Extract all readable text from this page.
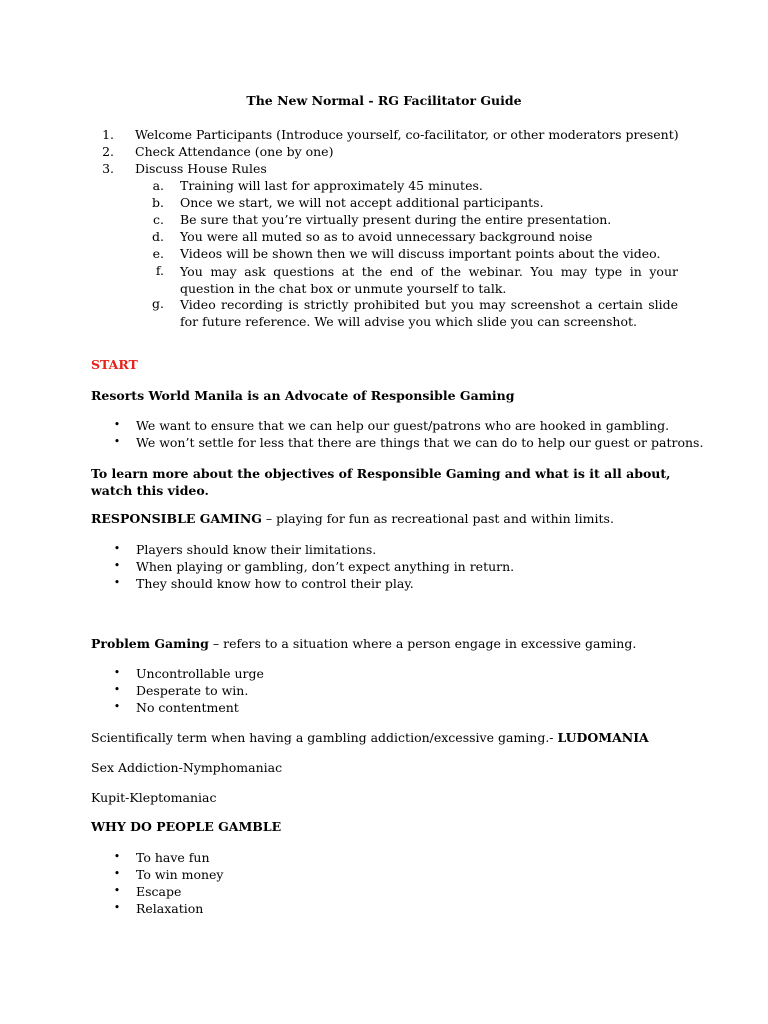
The New Normal - RG Facilitator Guide
1. Welcome Participants (Introduce yourself, co-facilitator, or other moderators present)
2. Check Attendance (one by one)
3. Discuss House Rules
a. Training will last for approximately 45 minutes.
b. Once we start, we will not accept additional participants.
c. Be sure that you’re virtually present during the entire presentation.
d. You were all muted so as to avoid unnecessary background noise
e. Videos will be shown then we will discuss important points about the video.
f. You may ask questions at the end of the webinar. You may type in your question in the chat box or unmute yourself to talk.
g. Video recording is strictly prohibited but you may screenshot a certain slide for future reference. We will advise you which slide you can screenshot.
START
Resorts World Manila is an Advocate of Responsible Gaming
• We want to ensure that we can help our guest/patrons who are hooked in gambling.
• We won’t settle for less that there are things that we can do to help our guest or patrons.
To learn more about the objectives of Responsible Gaming and what is it all about, watch this video.
RESPONSIBLE GAMING – playing for fun as recreational past and within limits.
• Players should know their limitations.
• When playing or gambling, don’t expect anything in return.
• They should know how to control their play.
Problem Gaming – refers to a situation where a person engage in excessive gaming.
• Uncontrollable urge
• Desperate to win.
• No contentment
Scientifically term when having a gambling addiction/excessive gaming.- LUDOMANIA
Sex Addiction-Nymphomaniac
Kupit-Kleptomaniac
WHY DO PEOPLE GAMBLE
• To have fun
• To win money
• Escape
• Relaxation
